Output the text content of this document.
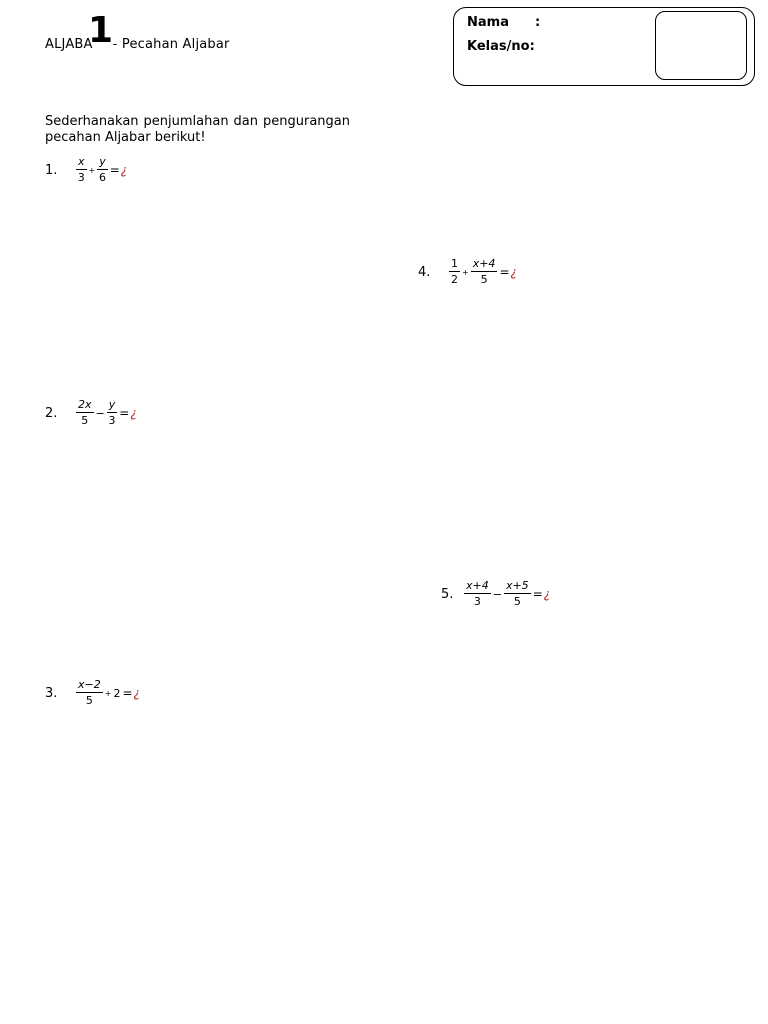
ALJABA - Pecahan Aljabar
1	Nama :
Kelas/no:
Sederhanakan penjumlahan dan pengurangan pecahan Aljabar berikut!
1.	$\frac{x}{3} + \frac{y}{6}$ = ¿
2.	$\frac{2x}{5} - \frac{y}{3}$ = ¿
3.	$\frac{x-2}{5} + 2$ = ¿
4.	$\frac{1}{2} + \frac{x+4}{5}$ = ¿
5. $\frac{x+4}{3} - \frac{x+5}{5}$ = ¿
